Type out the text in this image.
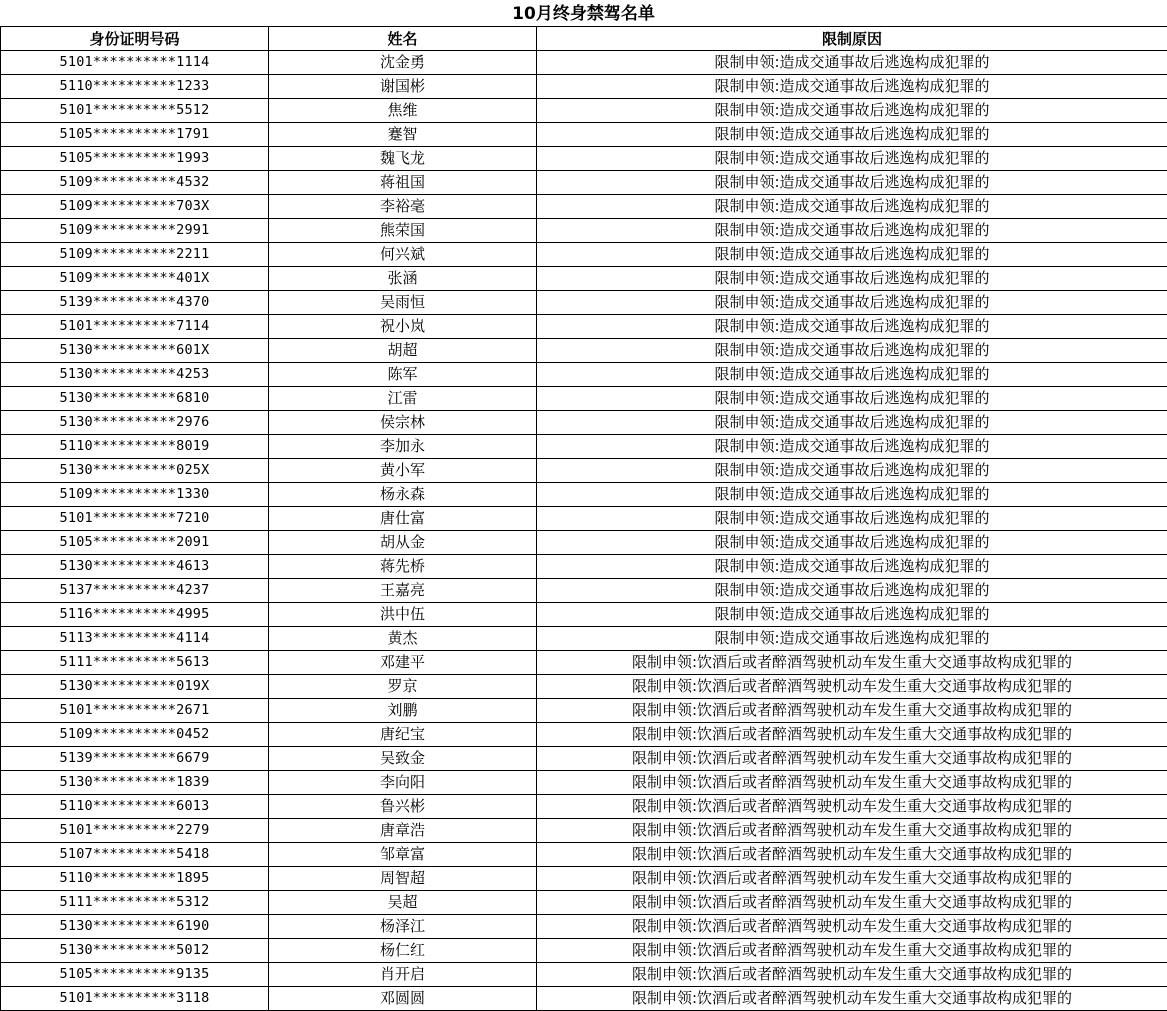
10月终身禁驾名单
身份证明号码	姓名	限制原因
5101**********1114	沈金勇	限制申领:造成交通事故后逃逸构成犯罪的
5110**********1233	谢国彬	限制申领:造成交通事故后逃逸构成犯罪的
5101**********5512	焦维	限制申领:造成交通事故后逃逸构成犯罪的
5105**********1791	蹇智	限制申领:造成交通事故后逃逸构成犯罪的
5105**********1993	魏飞龙	限制申领:造成交通事故后逃逸构成犯罪的
5109**********4532	蒋祖国	限制申领:造成交通事故后逃逸构成犯罪的
5109**********703X	李裕毫	限制申领:造成交通事故后逃逸构成犯罪的
5109**********2991	熊荣国	限制申领:造成交通事故后逃逸构成犯罪的
5109**********2211	何兴斌	限制申领:造成交通事故后逃逸构成犯罪的
5109**********401X	张涵	限制申领:造成交通事故后逃逸构成犯罪的
5139**********4370	吴雨恒	限制申领:造成交通事故后逃逸构成犯罪的
5101**********7114	祝小岚	限制申领:造成交通事故后逃逸构成犯罪的
5130**********601X	胡超	限制申领:造成交通事故后逃逸构成犯罪的
5130**********4253	陈军	限制申领:造成交通事故后逃逸构成犯罪的
5130**********6810	江雷	限制申领:造成交通事故后逃逸构成犯罪的
5130**********2976	侯宗林	限制申领:造成交通事故后逃逸构成犯罪的
5110**********8019	李加永	限制申领:造成交通事故后逃逸构成犯罪的
5130**********025X	黄小军	限制申领:造成交通事故后逃逸构成犯罪的
5109**********1330	杨永森	限制申领:造成交通事故后逃逸构成犯罪的
5101**********7210	唐仕富	限制申领:造成交通事故后逃逸构成犯罪的
5105**********2091	胡从金	限制申领:造成交通事故后逃逸构成犯罪的
5130**********4613	蒋先桥	限制申领:造成交通事故后逃逸构成犯罪的
5137**********4237	王嘉亮	限制申领:造成交通事故后逃逸构成犯罪的
5116**********4995	洪中伍	限制申领:造成交通事故后逃逸构成犯罪的
5113**********4114	黄杰	限制申领:造成交通事故后逃逸构成犯罪的
5111**********5613	邓建平	限制申领:饮酒后或者醉酒驾驶机动车发生重大交通事故构成犯罪的
5130**********019X	罗京	限制申领:饮酒后或者醉酒驾驶机动车发生重大交通事故构成犯罪的
5101**********2671	刘鹏	限制申领:饮酒后或者醉酒驾驶机动车发生重大交通事故构成犯罪的
5109**********0452	唐纪宝	限制申领:饮酒后或者醉酒驾驶机动车发生重大交通事故构成犯罪的
5139**********6679	吴致金	限制申领:饮酒后或者醉酒驾驶机动车发生重大交通事故构成犯罪的
5130**********1839	李向阳	限制申领:饮酒后或者醉酒驾驶机动车发生重大交通事故构成犯罪的
5110**********6013	鲁兴彬	限制申领:饮酒后或者醉酒驾驶机动车发生重大交通事故构成犯罪的
5101**********2279	唐章浩	限制申领:饮酒后或者醉酒驾驶机动车发生重大交通事故构成犯罪的
5107**********5418	邹章富	限制申领:饮酒后或者醉酒驾驶机动车发生重大交通事故构成犯罪的
5110**********1895	周智超	限制申领:饮酒后或者醉酒驾驶机动车发生重大交通事故构成犯罪的
5111**********5312	吴超	限制申领:饮酒后或者醉酒驾驶机动车发生重大交通事故构成犯罪的
5130**********6190	杨泽江	限制申领:饮酒后或者醉酒驾驶机动车发生重大交通事故构成犯罪的
5130**********5012	杨仁红	限制申领:饮酒后或者醉酒驾驶机动车发生重大交通事故构成犯罪的
5105**********9135	肖开启	限制申领:饮酒后或者醉酒驾驶机动车发生重大交通事故构成犯罪的
5101**********3118	邓圆圆	限制申领:饮酒后或者醉酒驾驶机动车发生重大交通事故构成犯罪的
